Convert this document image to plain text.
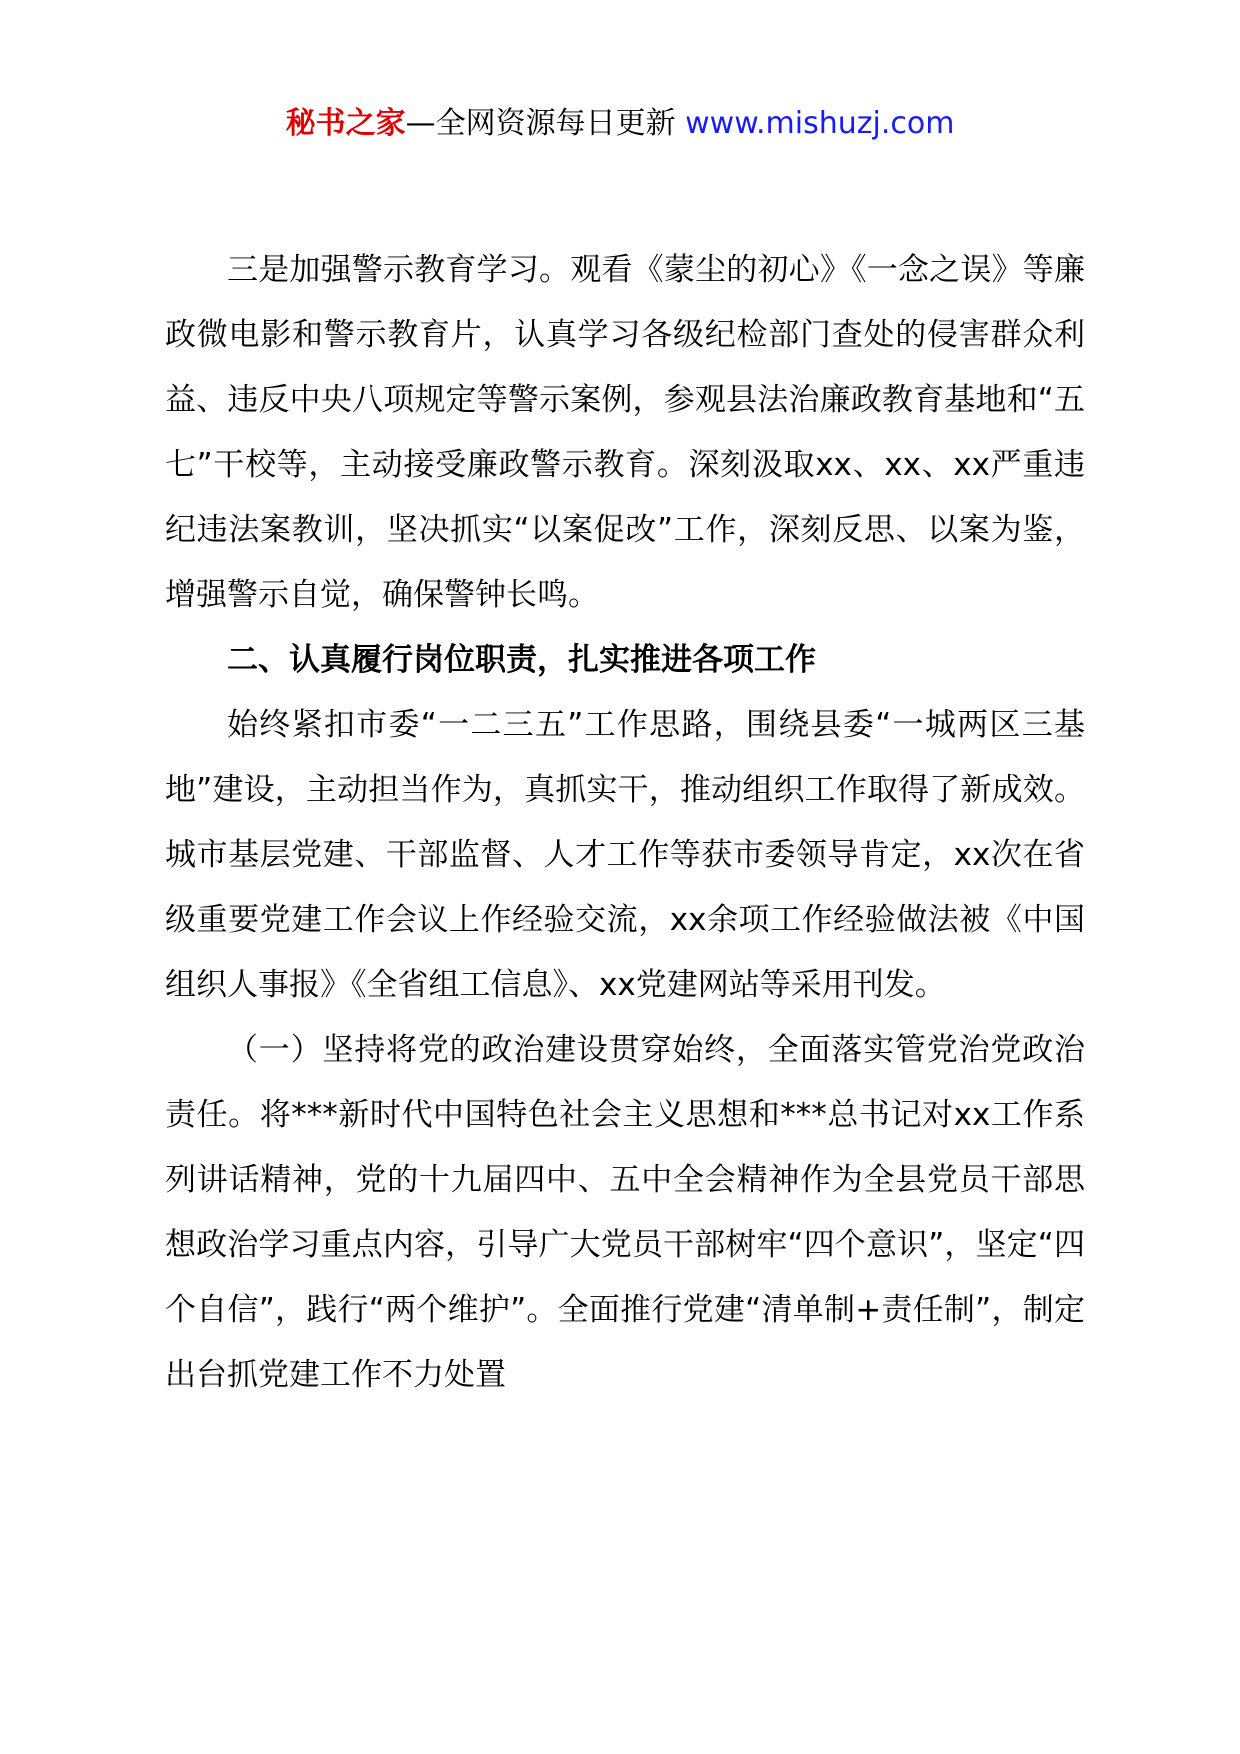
秘书之家—全网资源每日更新 www.mishuzj.com

三是加强警示教育学习。观看《蒙尘的初心》《一念之误》等廉政微电影和警示教育片，认真学习各级纪检部门查处的侵害群众利益、违反中央八项规定等警示案例，参观县法治廉政教育基地和“五七”干校等，主动接受廉政警示教育。深刻汲取xx、xx、xx严重违纪违法案教训，坚决抓实“以案促改”工作，深刻反思、以案为鉴，增强警示自觉，确保警钟长鸣。

二、认真履行岗位职责，扎实推进各项工作

始终紧扣市委“一二三五”工作思路，围绕县委“一城两区三基地”建设，主动担当作为，真抓实干，推动组织工作取得了新成效。城市基层党建、干部监督、人才工作等获市委领导肯定，xx次在省级重要党建工作会议上作经验交流，xx余项工作经验做法被《中国组织人事报》《全省组工信息》、xx党建网站等采用刊发。

（一）坚持将党的政治建设贯穿始终，全面落实管党治党政治责任。将***新时代中国特色社会主义思想和***总书记对xx工作系列讲话精神，党的十九届四中、五中全会精神作为全县党员干部思想政治学习重点内容，引导广大党员干部树牢“四个意识”，坚定“四个自信”，践行“两个维护”。全面推行党建“清单制+责任制”，制定出台抓党建工作不力处置
